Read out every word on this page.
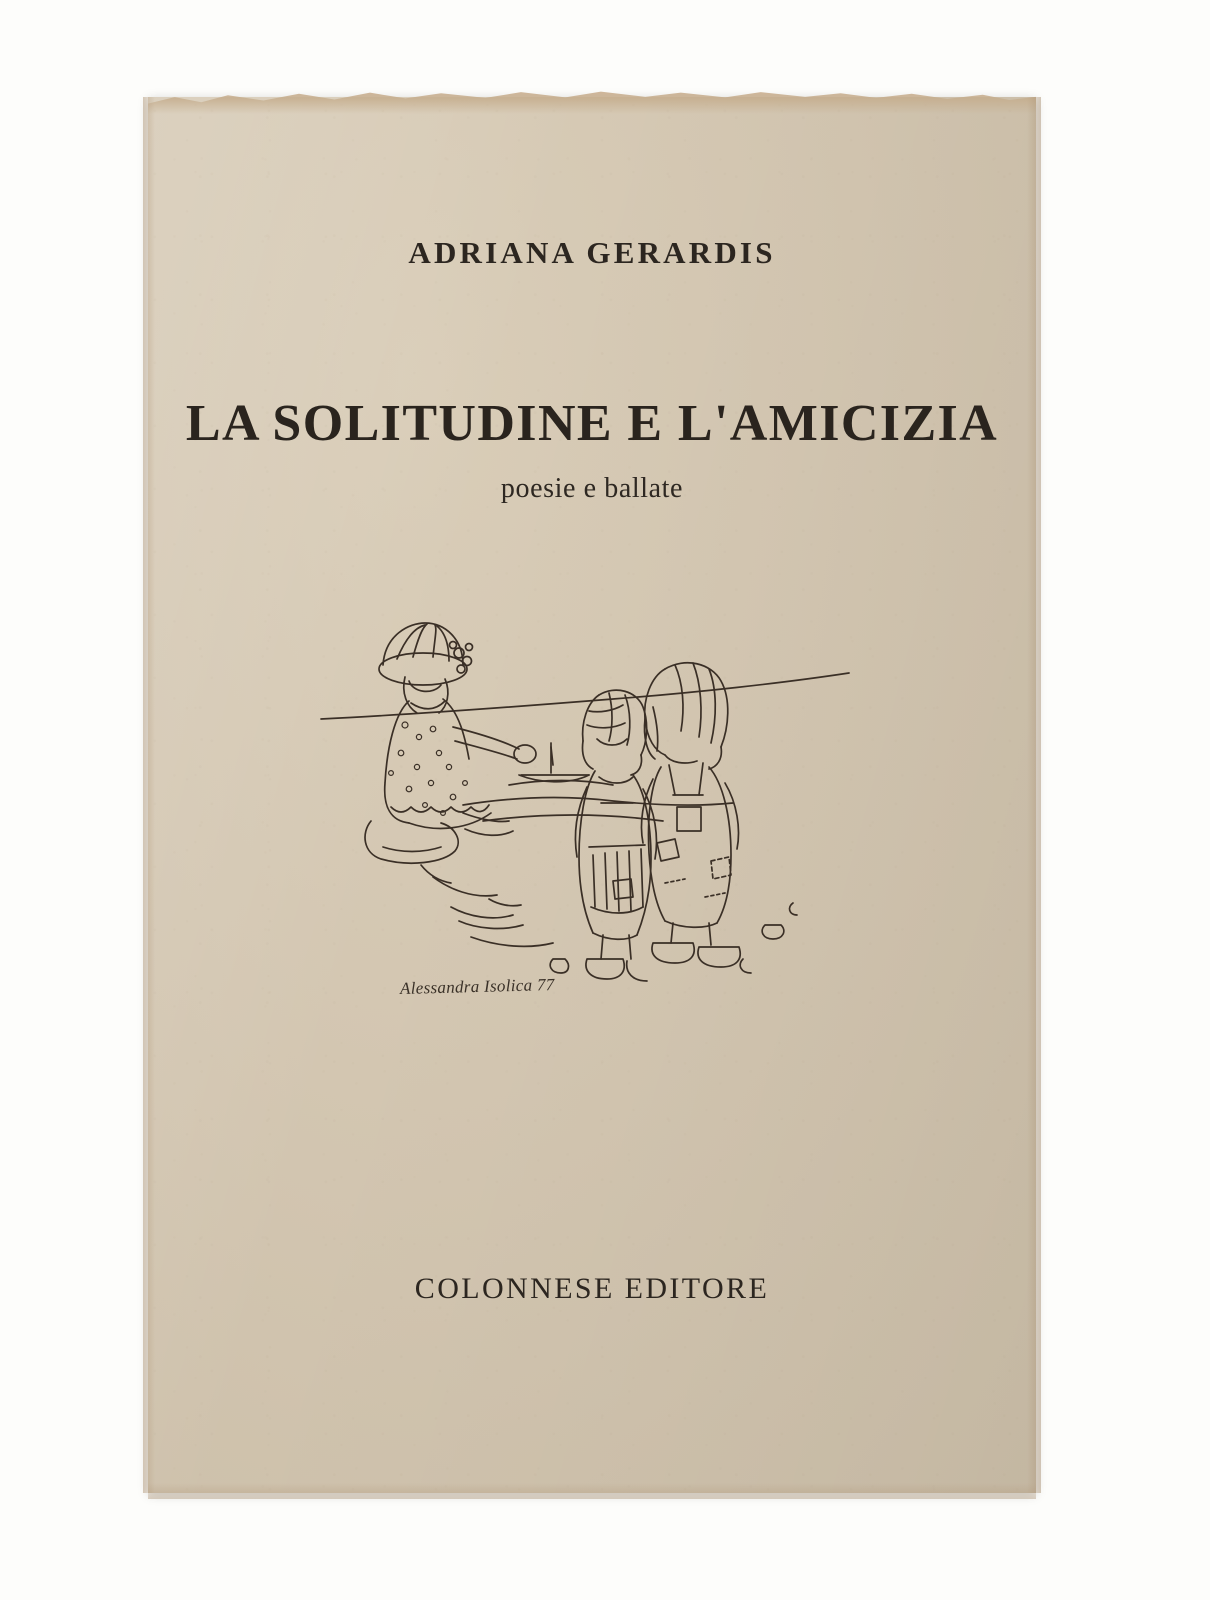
ADRIANA GERARDIS
LA SOLITUDINE E L'AMICIZIA
poesie e ballate
Alessandra Isolica 77
COLONNESE EDITORE
